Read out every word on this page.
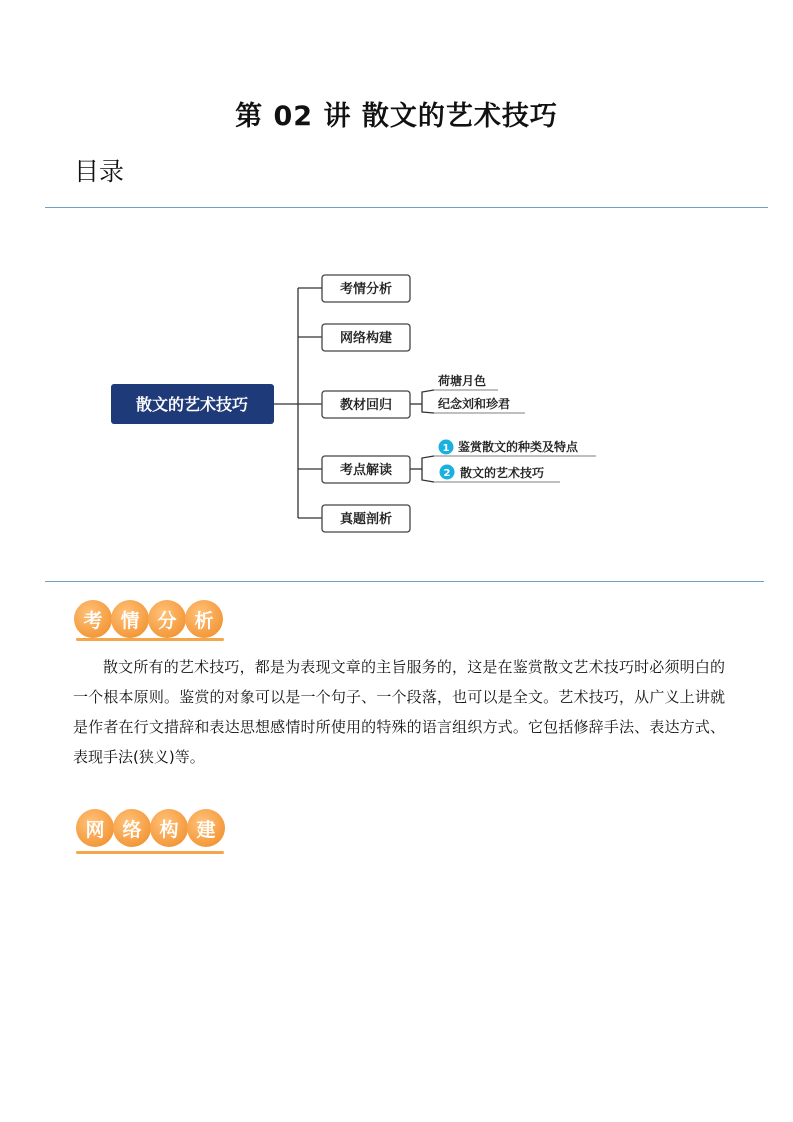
第 02 讲 散文的艺术技巧
目录
散文的艺术技巧
考情分析
网络构建
教材回归
考点解读
真题剖析
荷塘月色
纪念刘和珍君
鉴赏散文的种类及特点
散文的艺术技巧
1
2
考 情 分 析
散文所有的艺术技巧，都是为表现文章的主旨服务的，这是在鉴赏散文艺术技巧时必须明白的一个根本原则。鉴赏的对象可以是一个句子、一个段落，也可以是全文。艺术技巧，从广义上讲就是作者在行文措辞和表达思想感情时所使用的特殊的语言组织方式。它包括修辞手法、表达方式、表现手法(狭义)等。
网 络 构 建
